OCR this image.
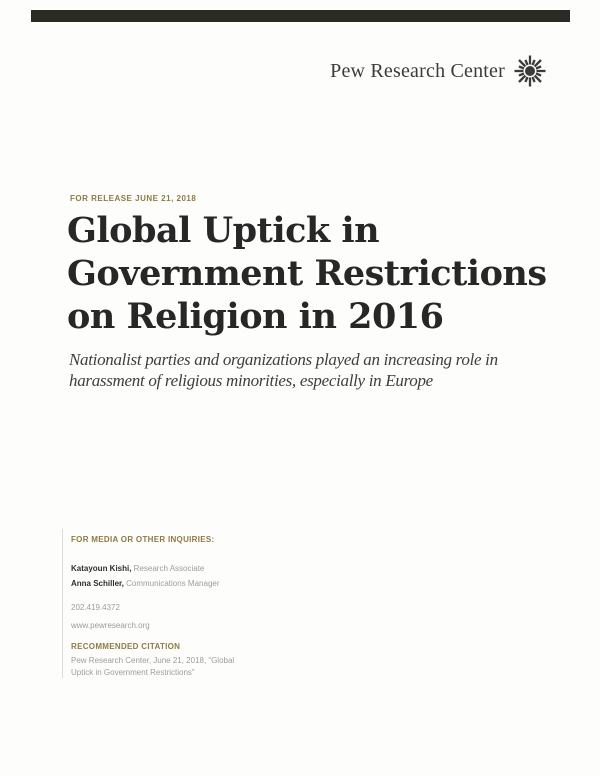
Pew Research Center
FOR RELEASE JUNE 21, 2018
Global Uptick in
Government Restrictions
on Religion in 2016
Nationalist parties and organizations played an increasing role in
harassment of religious minorities, especially in Europe
FOR MEDIA OR OTHER INQUIRIES:
Katayoun Kishi, Research Associate
Anna Schiller, Communications Manager
202.419.4372
www.pewresearch.org
RECOMMENDED CITATION
Pew Research Center, June 21, 2018, “Global
Uptick in Government Restrictions”
